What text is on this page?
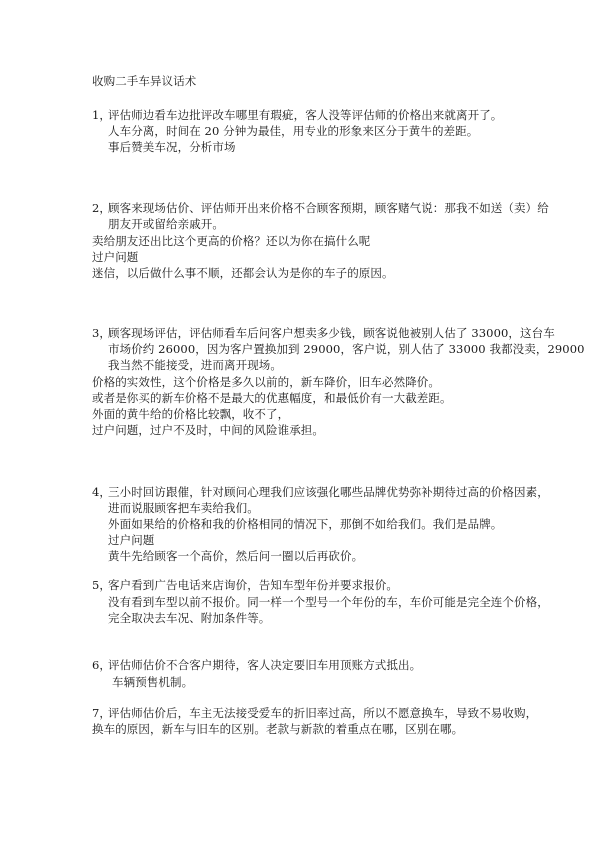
收购二手车异议话术
1，评估师边看车边批评改车哪里有瑕疵，客人没等评估师的价格出来就离开了。
人车分离，时间在 20 分钟为最佳，用专业的形象来区分于黄牛的差距。
事后赞美车况，分析市场
2，顾客来现场估价、评估师开出来价格不合顾客预期，顾客赌气说：那我不如送（卖）给
朋友开或留给亲戚开。
卖给朋友还出比这个更高的价格？还以为你在搞什么呢
过户问题
迷信，以后做什么事不顺，还都会认为是你的车子的原因。
3，顾客现场评估，评估师看车后问客户想卖多少钱，顾客说他被别人估了 33000，这台车
市场价约 26000，因为客户置换加到 29000，客户说，别人估了 33000 我都没卖，29000
我当然不能接受，进而离开现场。
价格的实效性，这个价格是多久以前的，新车降价，旧车必然降价。
或者是你买的新车价格不是最大的优惠幅度，和最低价有一大截差距。
外面的黄牛给的价格比较飘，收不了，
过户问题，过户不及时，中间的风险谁承担。
4，三小时回访跟催，针对顾问心理我们应该强化哪些品牌优势弥补期待过高的价格因素，
进而说服顾客把车卖给我们。
外面如果给的价格和我的价格相同的情况下，那倒不如给我们。我们是品牌。
过户问题
黄牛先给顾客一个高价，然后问一圈以后再砍价。
5，客户看到广告电话来店询价，告知车型年份并要求报价。
没有看到车型以前不报价。同一样一个型号一个年份的车，车价可能是完全连个价格，
完全取决去车况、附加条件等。
6，评估师估价不合客户期待，客人决定要旧车用顶账方式抵出。
车辆预售机制。
7，评估师估价后，车主无法接受爱车的折旧率过高，所以不愿意换车，导致不易收购，
换车的原因，新车与旧车的区别。老款与新款的着重点在哪，区别在哪。
